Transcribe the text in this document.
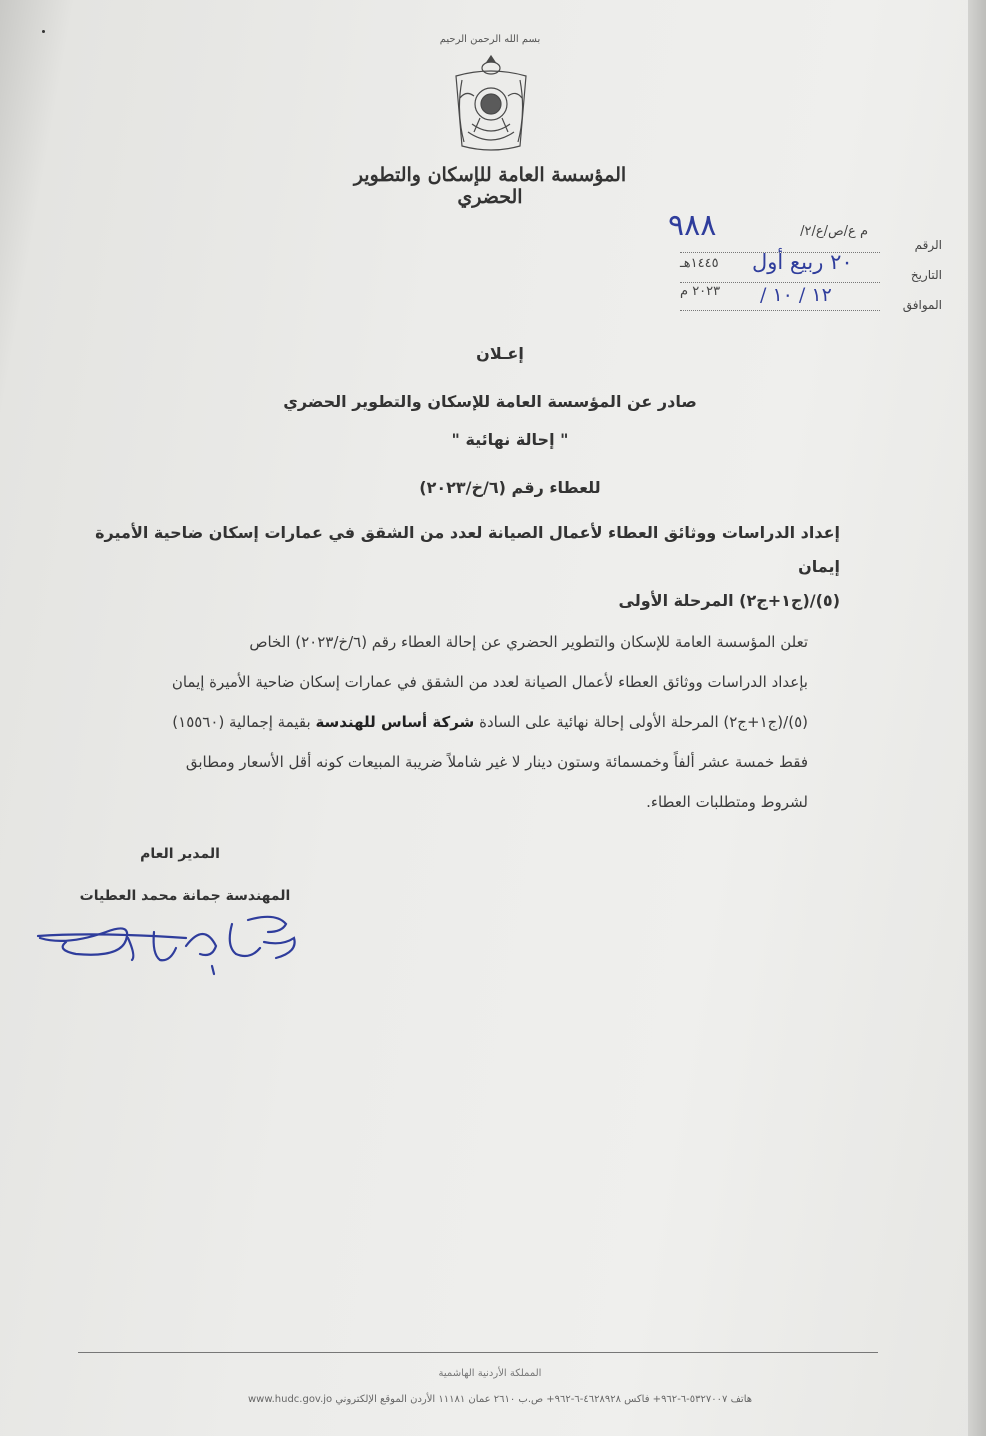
بسم الله الرحمن الرحيم
المؤسسة العامة للإسكان والتطوير الحضري
الرقم
م ع/ص/ع/٢/
٩٨٨
التاريخ
٢٠ ربيع أول
١٤٤٥هـ
الموافق
١٢ / ١٠ /
٢٠٢٣ م
إعـلان
صادر عن المؤسسة العامة للإسكان والتطوير الحضري
" إحالة نهائية "
للعطاء رقم (٦/خ/٢٠٢٣)
إعداد الدراسات ووثائق العطاء لأعمال الصيانة لعدد من الشقق في عمارات إسكان ضاحية الأميرة إيمان
(٥)/(ج١+ج٢) المرحلة الأولى
تعلن المؤسسة العامة للإسكان والتطوير الحضري عن إحالة العطاء رقم (٦/خ/٢٠٢٣) الخاص
بإعداد الدراسات ووثائق العطاء لأعمال الصيانة لعدد من الشقق في عمارات إسكان ضاحية الأميرة إيمان
(٥)/(ج١+ج٢) المرحلة الأولى إحالة نهائية على السادة شركة أساس للهندسة بقيمة إجمالية (١٥٥٦٠)
فقط خمسة عشر ألفاً وخمسمائة وستون دينار لا غير شاملاً ضريبة المبيعات كونه أقل الأسعار ومطابق
لشروط ومتطلبات العطاء.
المدير العام
المهندسة جمانة محمد العطيات
المملكة الأردنية الهاشمية
هاتف ٥٣٢٧٠٠٧-٦-٩٦٢+ فاكس ٤٦٢٨٩٢٨-٦-٩٦٢+ ص.ب ٢٦١٠ عمان ١١١٨١ الأردن الموقع الإلكتروني www.hudc.gov.jo
